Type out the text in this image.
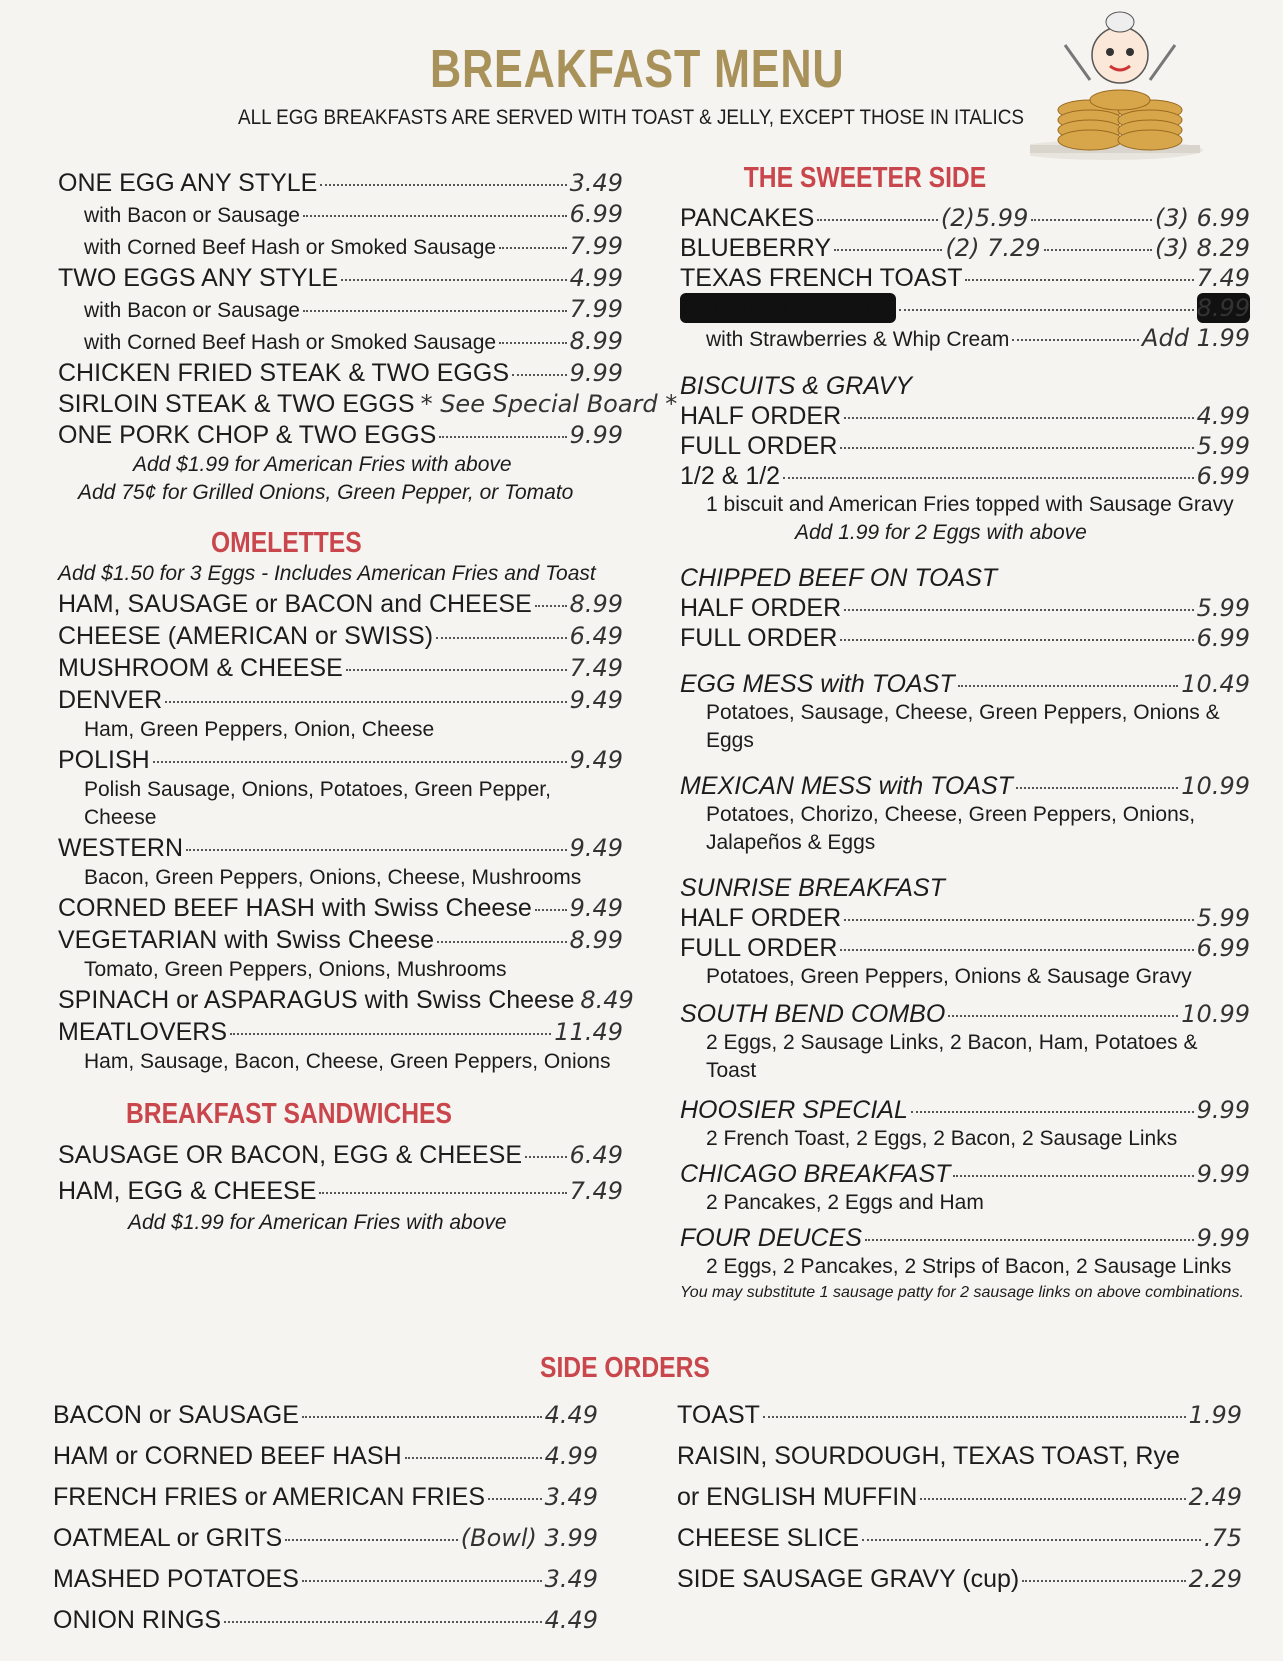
BREAKFAST MENU
ALL EGG BREAKFASTS ARE SERVED WITH TOAST & JELLY, EXCEPT THOSE IN ITALICS
ONE EGG ANY STYLE	3.49
with Bacon or Sausage	6.99
with Corned Beef Hash or Smoked Sausage	7.99
TWO EGGS ANY STYLE	4.99
with Bacon or Sausage	7.99
with Corned Beef Hash or Smoked Sausage	8.99
CHICKEN FRIED STEAK & TWO EGGS	9.99
SIRLOIN STEAK & TWO EGGS * See Special Board *
ONE PORK CHOP & TWO EGGS	9.99
Add $1.99 for American Fries with above
Add 75¢ for Grilled Onions, Green Pepper, or Tomato
OMELETTES
Add $1.50 for 3 Eggs - Includes American Fries and Toast
HAM, SAUSAGE or BACON and CHEESE 8.99
CHEESE (AMERICAN or SWISS)	6.49
MUSHROOM & CHEESE	7.49
DENVER	9.49
Ham, Green Peppers, Onion, Cheese
POLISH	9.49
Polish Sausage, Onions, Potatoes, Green Pepper, Cheese
WESTERN	9.49
Bacon, Green Peppers, Onions, Cheese, Mushrooms
CORNED BEEF HASH with Swiss Cheese 9.49
VEGETARIAN with Swiss Cheese	8.99
Tomato, Green Peppers, Onions, Mushrooms
SPINACH or ASPARAGUS with Swiss Cheese 8.49
MEATLOVERS	11.49
Ham, Sausage, Bacon, Cheese, Green Peppers, Onions
BREAKFAST SANDWICHES
SAUSAGE OR BACON, EGG & CHEESE 6.49
HAM, EGG & CHEESE	7.49
Add $1.99 for American Fries with above
THE SWEETER SIDE
PANCAKES	(2)5.99	(3) 6.99
BLUEBERRY	(2) 7.29	(3) 8.29
TEXAS FRENCH TOAST	7.49
BELGIAN WAFFLE	8.99
with Strawberries & Whip Cream	Add 1.99
BISCUITS & GRAVY
HALF ORDER	4.99
FULL ORDER	5.99
1/2 & 1/2	6.99
1 biscuit and American Fries topped with Sausage Gravy
Add 1.99 for 2 Eggs with above
CHIPPED BEEF ON TOAST
HALF ORDER	5.99
FULL ORDER	6.99
EGG MESS with TOAST	10.49
Potatoes, Sausage, Cheese, Green Peppers, Onions & Eggs
MEXICAN MESS with TOAST	10.99
Potatoes, Chorizo, Cheese, Green Peppers, Onions,
Jalapeños & Eggs
SUNRISE BREAKFAST
HALF ORDER	5.99
FULL ORDER	6.99
Potatoes, Green Peppers, Onions & Sausage Gravy
SOUTH BEND COMBO	10.99
2 Eggs, 2 Sausage Links, 2 Bacon, Ham, Potatoes & Toast
HOOSIER SPECIAL	9.99
2 French Toast, 2 Eggs, 2 Bacon, 2 Sausage Links
CHICAGO BREAKFAST	9.99
2 Pancakes, 2 Eggs and Ham
FOUR DEUCES	9.99
2 Eggs, 2 Pancakes, 2 Strips of Bacon, 2 Sausage Links
You may substitute 1 sausage patty for 2 sausage links on above combinations.
SIDE ORDERS
BACON or SAUSAGE	4.49
HAM or CORNED BEEF HASH	4.99
FRENCH FRIES or AMERICAN FRIES 3.49
OATMEAL or GRITS	(Bowl) 3.99
MASHED POTATOES	3.49
ONION RINGS	4.49
TOAST	1.99
RAISIN, SOURDOUGH, TEXAS TOAST, Rye
or ENGLISH MUFFIN	2.49
CHEESE SLICE	.75
SIDE SAUSAGE GRAVY (cup)	2.29
